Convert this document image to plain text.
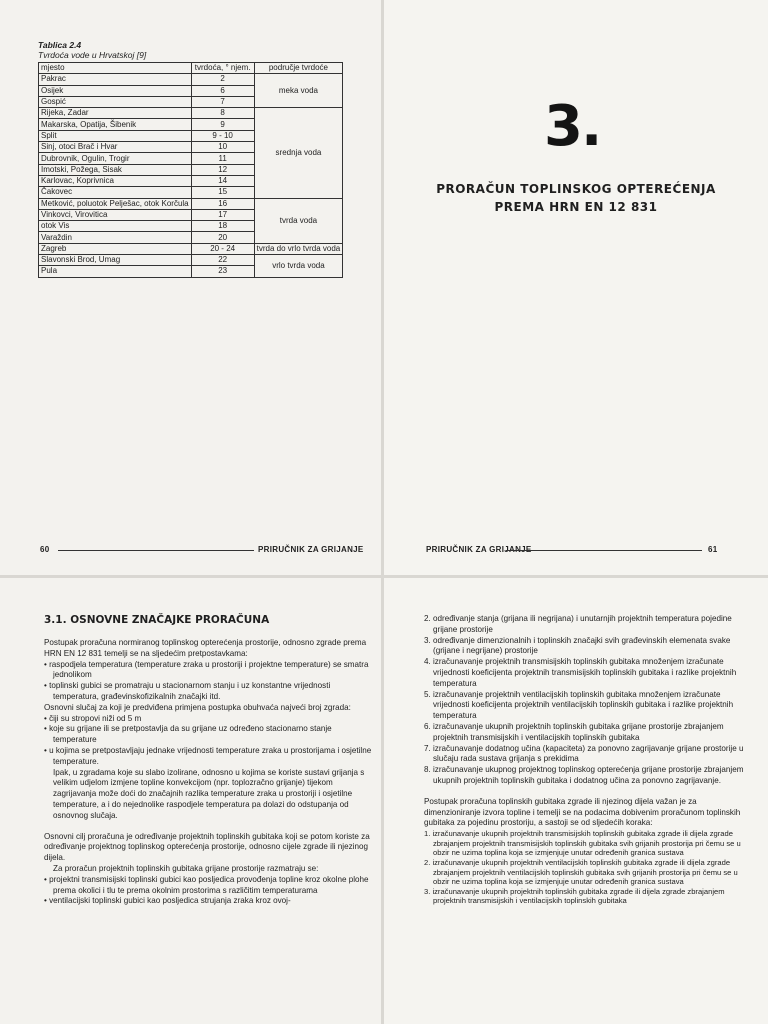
Tablica 2.4
Tvrdoća vode u Hrvatskoj [9]
mjesto	tvrdoća, ° njem.	područje tvrdoće
Pakrac	2	meka voda
Osijek	6	
Gospić	7	
Rijeka, Zadar	8	srednja voda
Makarska, Opatija, Šibenik	9	
Split	9 - 10	
Sinj, otoci Brač i Hvar	10	
Dubrovnik, Ogulin, Trogir	11	
Imotski, Požega, Sisak	12	
Karlovac, Koprivnica	14	
Čakovec	15	
Metković, poluotok Pelješac, otok Korčula	16	tvrda voda
Vinkovci, Virovitica	17	
otok Vis	18	
Varaždin	20	
Zagreb	20 - 24	tvrda do vrlo tvrda voda
Slavonski Brod, Umag	22	vrlo tvrda voda
Pula	23	
60	PRIRUČNIK ZA GRIJANJE
3.
PRORAČUN TOPLINSKOG OPTEREĆENJA
PREMA HRN EN 12 831
PRIRUČNIK ZA GRIJANJE	61
3.1. OSNOVNE ZNAČAJKE PRORAČUNA

Postupak proračuna normiranog toplinskog opterećenja prostorije, odnosno zgrade prema HRN EN 12 831 temelji se na sljedećim pretpostavkama:

• raspodjela temperatura (temperature zraka u prostoriji i projektne temperature) se smatra jednolikom

• toplinski gubici se promatraju u stacionarnom stanju i uz konstantne vrijednosti temperatura, građevinskofizikalnih značajki itd.

Osnovni slučaj za koji je predviđena primjena postupka obuhvaća najveći broj zgrada:

• čiji su stropovi niži od 5 m

• koje su grijane ili se pretpostavlja da su grijane uz određeno stacionarno stanje temperature

• u kojima se pretpostavljaju jednake vrijednosti temperature zraka u prostorijama i osjetilne temperature.

Ipak, u zgradama koje su slabo izolirane, odnosno u kojima se koriste sustavi grijanja s velikim udjelom izmjene topline konvekcijom (npr. toplozračno grijanje) tijekom zagrijavanja može doći do značajnih razlika temperature zraka u prostoriji i osjetilne temperature, a i do nejednolike raspodjele temperatura pa dolazi do odstupanja od osnovnog slučaja.

Osnovni cilj proračuna je određivanje projektnih toplinskih gubitaka koji se potom koriste za određivanje projektnog toplinskog opterećenja prostorije, odnosno cijele zgrade ili njezinog dijela.

Za proračun projektnih toplinskih gubitaka grijane prostorije razmatraju se:

• projektni transmisijski toplinski gubici kao posljedica provođenja topline kroz okolne plohe prema okolici i tlu te prema okolnim prostorima s različitim temperaturama

• ventilacijski toplinski gubici kao posljedica strujanja zraka kroz ovoj-

2. određivanje stanja (grijana ili negrijana) i unutarnjih projektnih temperatura pojedine grijane prostorije

3. određivanje dimenzionalnih i toplinskih značajki svih građevinskih elemenata svake (grijane i negrijane) prostorije

4. izračunavanje projektnih transmisijskih toplinskih gubitaka množenjem izračunate vrijednosti koeficijenta projektnih transmisijskih toplinskih gubitaka i razlike projektnih temperatura

5. izračunavanje projektnih ventilacijskih toplinskih gubitaka množenjem izračunate vrijednosti koeficijenta projektnih ventilacijskih toplinskih gubitaka i razlike projektnih temperatura

6. izračunavanje ukupnih projektnih toplinskih gubitaka grijane prostorije zbrajanjem projektnih transmisijskih i ventilacijskih toplinskih gubitaka

7. izračunavanje dodatnog učina (kapaciteta) za ponovno zagrijavanje grijane prostorije u slučaju rada sustava grijanja s prekidima

8. izračunavanje ukupnog projektnog toplinskog opterećenja grijane prostorije zbrajanjem ukupnih projektnih toplinskih gubitaka i dodatnog učina za ponovno zagrijavanje.

Postupak proračuna toplinskih gubitaka zgrade ili njezinog dijela važan je za dimenzioniranje izvora topline i temelji se na podacima dobivenim proračunom toplinskih gubitaka za pojedinu prostoriju, a sastoji se od sljedećih koraka:

1. izračunavanje ukupnih projektnih transmisijskih toplinskih gubitaka zgrade ili dijela zgrade zbrajanjem projektnih transmisijskih toplinskih gubitaka svih grijanih prostorija pri čemu se u obzir ne uzima toplina koja se izmjenjuje unutar određenih granica sustava

2. izračunavanje ukupnih projektnih ventilacijskih toplinskih gubitaka zgrade ili dijela zgrade zbrajanjem projektnih ventilacijskih toplinskih gubitaka svih grijanih prostorija pri čemu se u obzir ne uzima toplina koja se izmjenjuje unutar određenih granica sustava

3. izračunavanje ukupnih projektnih toplinskih gubitaka zgrade ili dijela zgrade zbrajanjem projektnih transmisijskih i ventilacijskih toplinskih gubitaka
